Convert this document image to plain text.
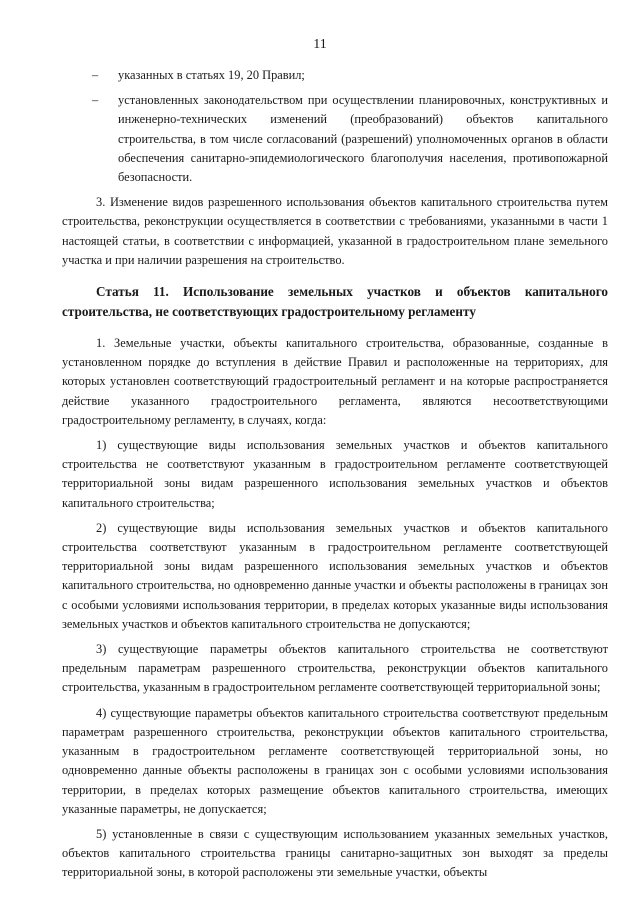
11
– указанных в статьях 19, 20 Правил;

– установленных законодательством при осуществлении планировочных, конструктивных и инженерно-технических изменений (преобразований) объектов капитального строительства, в том числе согласований (разрешений) уполномоченных органов в области обеспечения санитарно-эпидемиологического благополучия населения, противопожарной безопасности.

3. Изменение видов разрешенного использования объектов капитального строительства путем строительства, реконструкции осуществляется в соответствии с требованиями, указанными в части 1 настоящей статьи, в соответствии с информацией, указанной в градостроительном плане земельного участка и при наличии разрешения на строительство.

Статья 11. Использование земельных участков и объектов капитального строительства, не соответствующих градостроительному регламенту

1. Земельные участки, объекты капитального строительства, образованные, созданные в установленном порядке до вступления в действие Правил и расположенные на территориях, для которых установлен соответствующий градостроительный регламент и на которые распространяется действие указанного градостроительного регламента, являются несоответствующими градостроительному регламенту, в случаях, когда:

1) существующие виды использования земельных участков и объектов капитального строительства не соответствуют указанным в градостроительном регламенте соответствующей территориальной зоны видам разрешенного использования земельных участков и объектов капитального строительства;

2) существующие виды использования земельных участков и объектов капитального строительства соответствуют указанным в градостроительном регламенте соответствующей территориальной зоны видам разрешенного использования земельных участков и объектов капитального строительства, но одновременно данные участки и объекты расположены в границах зон с особыми условиями использования территории, в пределах которых указанные виды использования земельных участков и объектов капитального строительства не допускаются;

3) существующие параметры объектов капитального строительства не соответствуют предельным параметрам разрешенного строительства, реконструкции объектов капитального строительства, указанным в градостроительном регламенте соответствующей территориальной зоны;

4) существующие параметры объектов капитального строительства соответствуют предельным параметрам разрешенного строительства, реконструкции объектов капитального строительства, указанным в градостроительном регламенте соответствующей территориальной зоны, но одновременно данные объекты расположены в границах зон с особыми условиями использования территории, в пределах которых размещение объектов капитального строительства, имеющих указанные параметры, не допускается;

5) установленные в связи с существующим использованием указанных земельных участков, объектов капитального строительства границы санитарно-защитных зон выходят за пределы территориальной зоны, в которой расположены эти земельные участки, объекты
